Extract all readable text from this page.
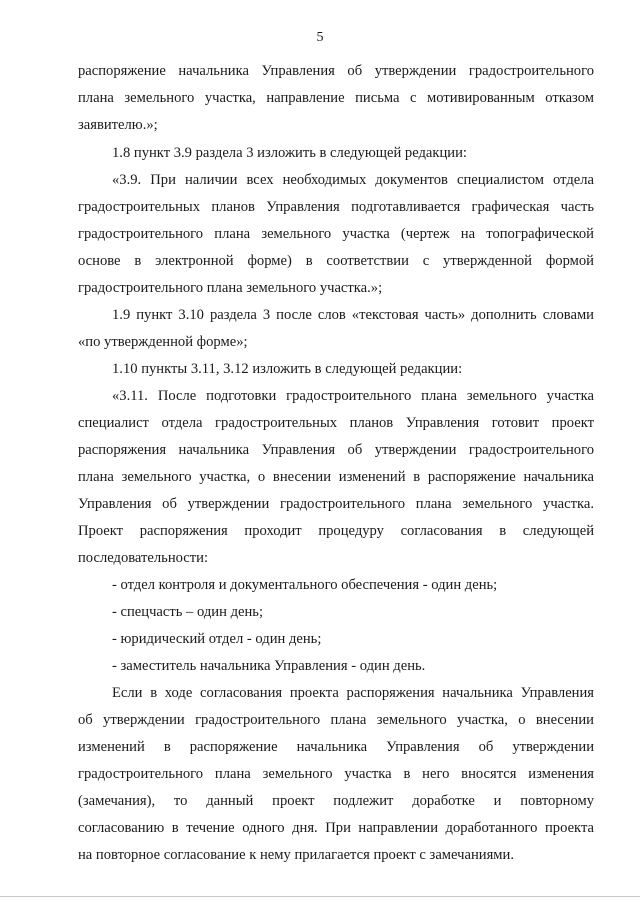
5
распоряжение начальника Управления об утверждении градостроительного
плана земельного участка, направление письма с мотивированным отказом
заявителю.»;
1.8 пункт 3.9 раздела 3 изложить в следующей редакции:
«3.9. При наличии всех необходимых документов специалистом отдела
градостроительных планов Управления подготавливается графическая часть
градостроительного плана земельного участка (чертеж на топографической
основе в электронной форме) в соответствии с утвержденной формой
градостроительного плана земельного участка.»;
1.9 пункт 3.10 раздела 3 после слов «текстовая часть» дополнить словами
«по утвержденной форме»;
1.10 пункты 3.11, 3.12 изложить в следующей редакции:
«3.11. После подготовки градостроительного плана земельного участка
специалист отдела градостроительных планов Управления готовит проект
распоряжения начальника Управления об утверждении градостроительного
плана земельного участка, о внесении изменений в распоряжение начальника
Управления об утверждении градостроительного плана земельного участка.
Проект распоряжения проходит процедуру согласования в следующей
последовательности:
- отдел контроля и документального обеспечения - один день;
- спецчасть – один день;
- юридический отдел - один день;
- заместитель начальника Управления - один день.
Если в ходе согласования проекта распоряжения начальника Управления
об утверждении градостроительного плана земельного участка, о внесении
изменений в распоряжение начальника Управления об утверждении
градостроительного плана земельного участка в него вносятся изменения
(замечания), то данный проект подлежит доработке и повторному
согласованию в течение одного дня. При направлении доработанного проекта
на повторное согласование к нему прилагается проект с замечаниями.
